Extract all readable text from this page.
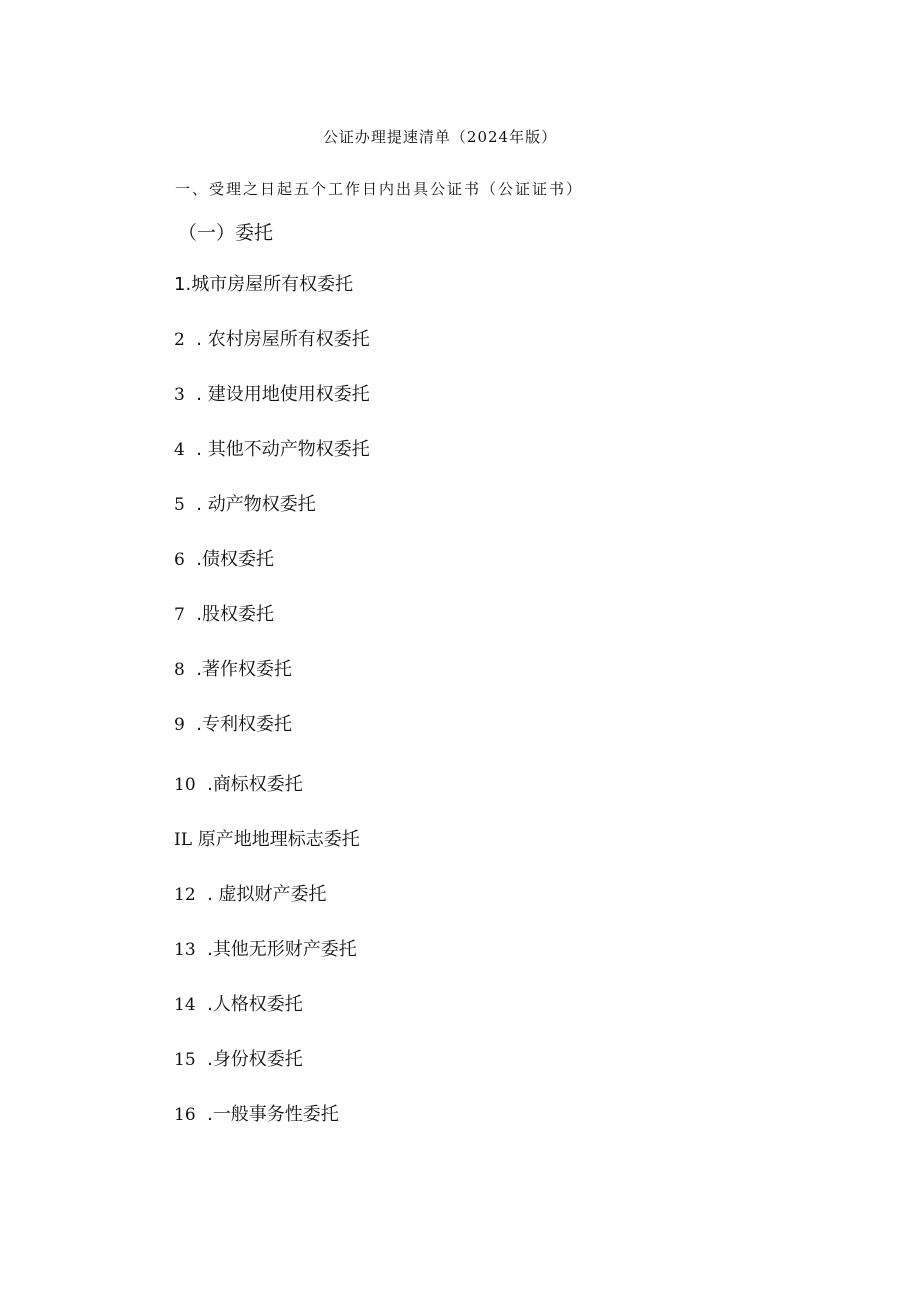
公证办理提速清单（2024年版）
一、受理之日起五个工作日内出具公证书（公证证书）
（一）委托
1.城市房屋所有权委托
2  . 农村房屋所有权委托
3  . 建设用地使用权委托
4  . 其他不动产物权委托
5  . 动产物权委托
6  .债权委托
7  .股权委托
8  .著作权委托
9  .专利权委托
10  .商标权委托
IL 原产地地理标志委托
12  . 虚拟财产委托
13  .其他无形财产委托
14  .人格权委托
15  .身份权委托
16  .一般事务性委托
